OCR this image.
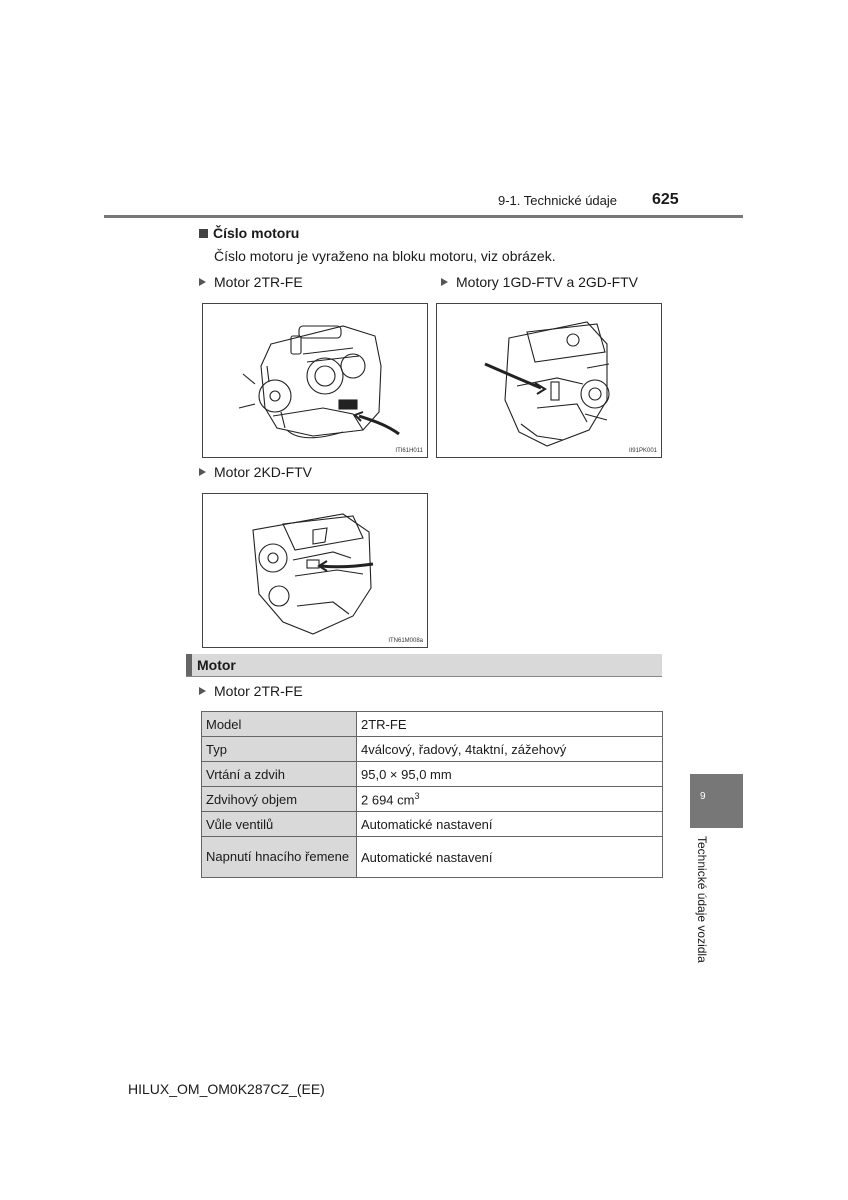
9-1. Technické údaje 625
Číslo motoru
Číslo motoru je vyraženo na bloku motoru, viz obrázek.
Motor 2TR-FE
ITI61H011
Motory 1GD-FTV a 2GD-FTV
II91PK001
Motor 2KD-FTV
ITN61M008a
Motor
Motor 2TR-FE
Model	2TR-FE
Typ	4válcový, řadový, 4taktní, zážehový
Vrtání a zdvih	95,0 × 95,0 mm
Zdvihový objem	2 694 $cm^3$
Vůle ventilů	Automatické nastavení
Napnutí hnacího řemene	Automatické nastavení
9
Technické údaje vozidla
HILUX_OM_OM0K287CZ_(EE)
